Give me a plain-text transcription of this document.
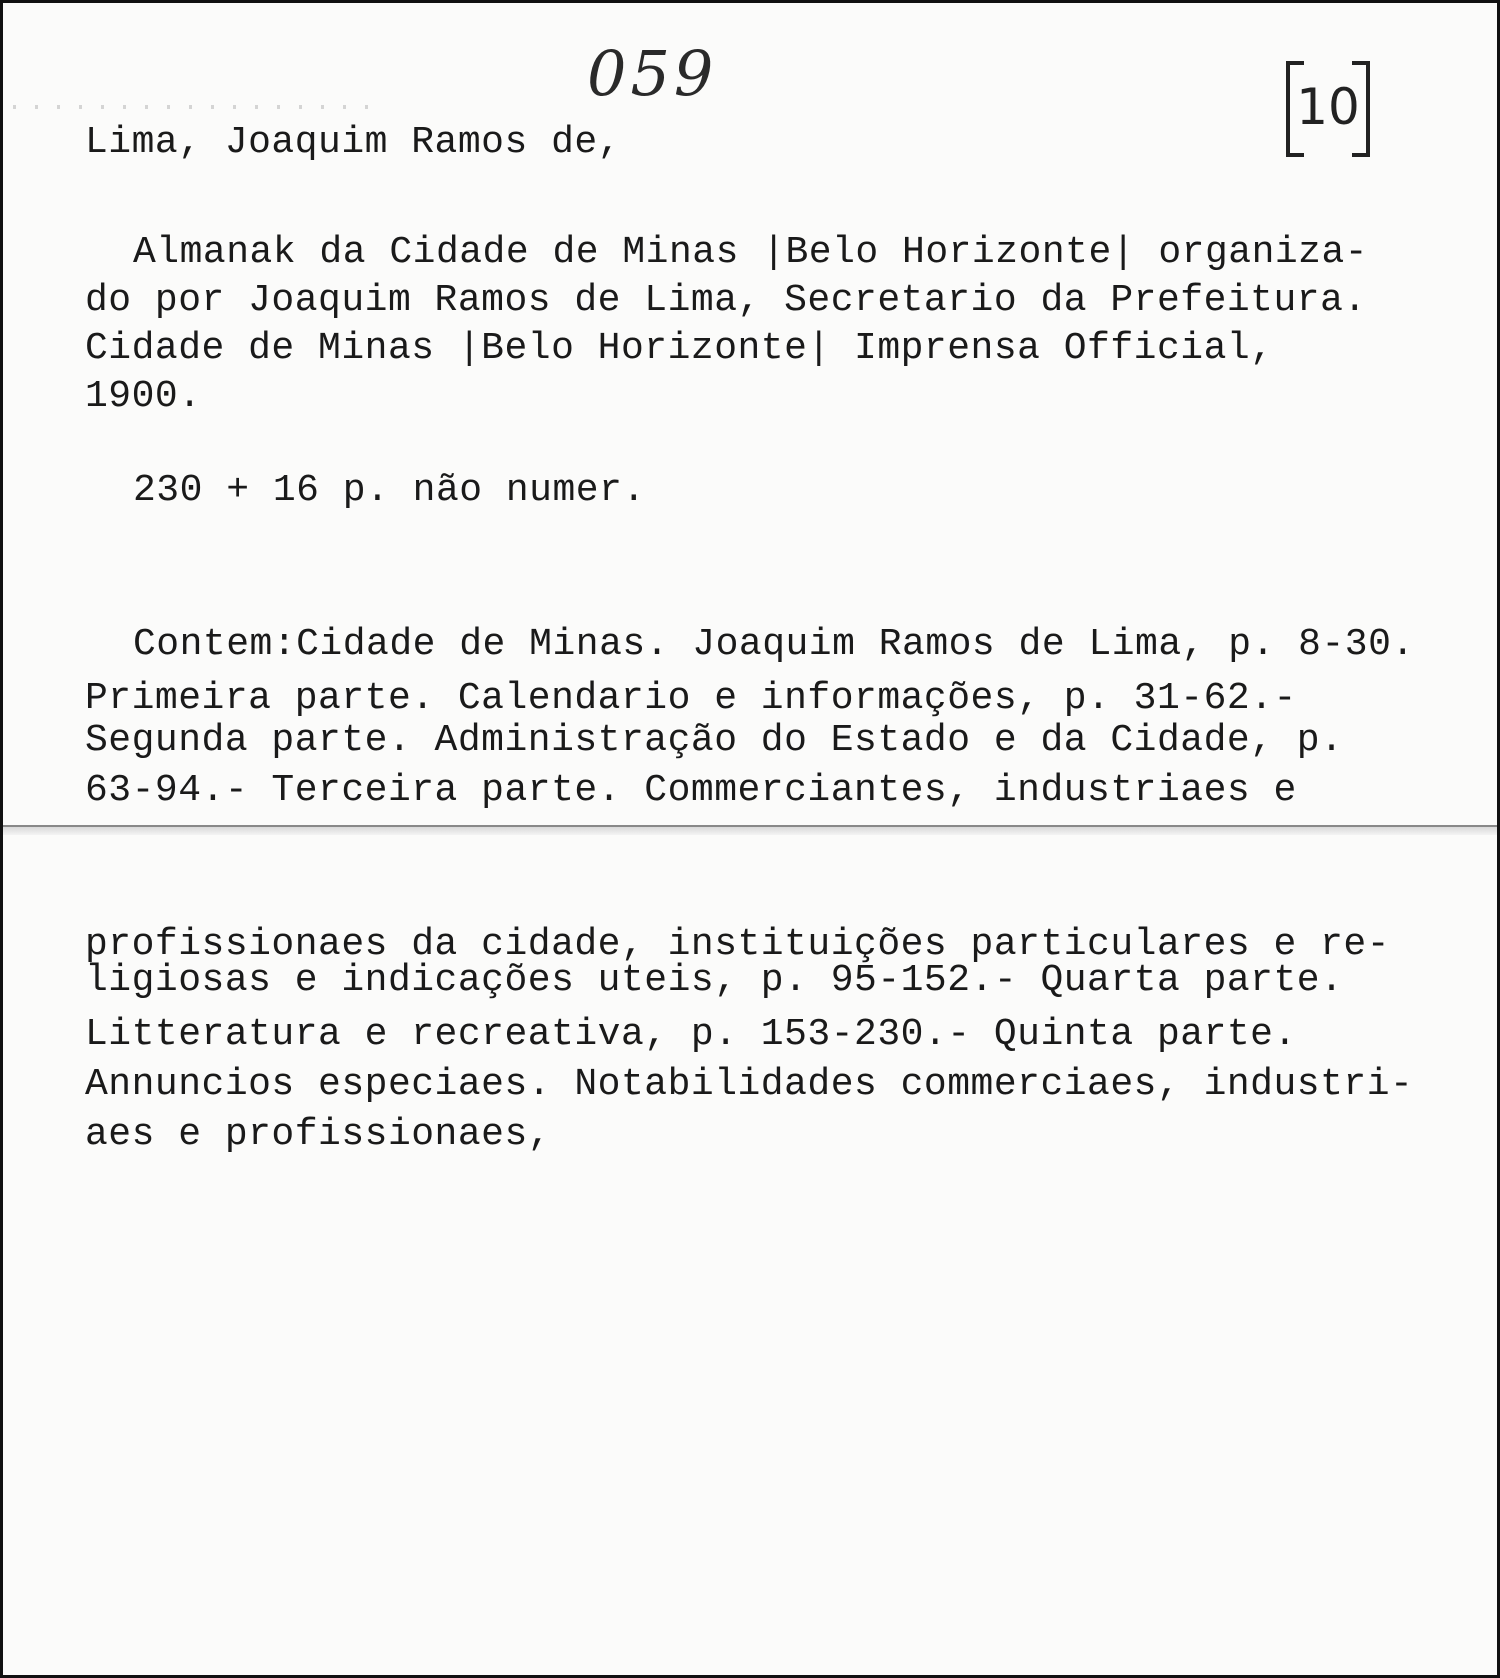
059	10
Lima, Joaquim Ramos de,
Almanak da Cidade de Minas |Belo Horizonte| organiza-
do por Joaquim Ramos de Lima, Secretario da Prefeitura.
Cidade de Minas |Belo Horizonte| Imprensa Official,
1900.
230 + 16 p. não numer.
Contem:Cidade de Minas. Joaquim Ramos de Lima, p. 8-30.
Primeira parte. Calendario e informações, p. 31-62.-
Segunda parte. Administração do Estado e da Cidade, p.
63-94.- Terceira parte. Commerciantes, industriaes e
profissionaes da cidade, instituições particulares e re-
ligiosas e indicações uteis, p. 95-152.- Quarta parte.
Litteratura e recreativa, p. 153-230.- Quinta parte.
Annuncios especiaes. Notabilidades commerciaes, industri-
aes e profissionaes,
